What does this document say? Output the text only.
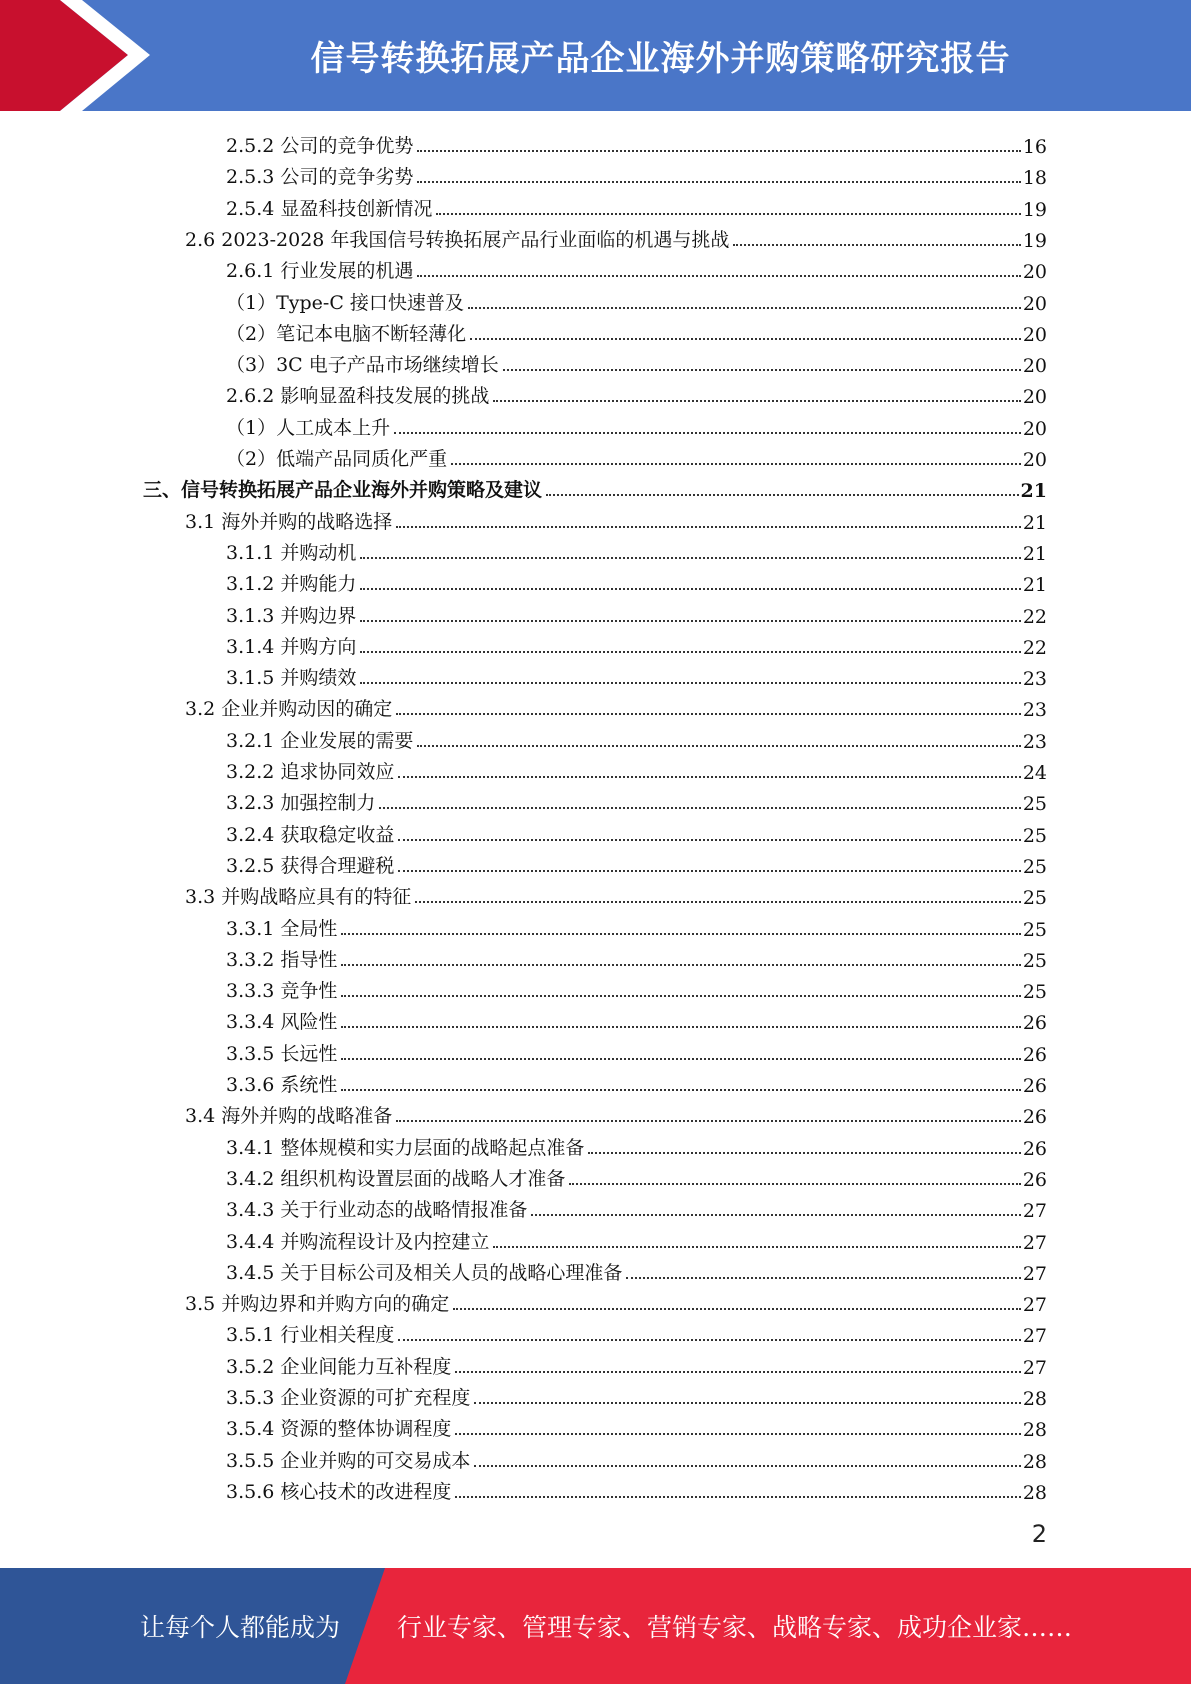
信号转换拓展产品企业海外并购策略研究报告
2.5.2 公司的竞争优势	16
2.5.3 公司的竞争劣势	18
2.5.4 显盈科技创新情况	19
2.6 2023-2028 年我国信号转换拓展产品行业面临的机遇与挑战	19
2.6.1 行业发展的机遇	20
（1）Type-C 接口快速普及	20
（2）笔记本电脑不断轻薄化	20
（3）3C 电子产品市场继续增长	20
2.6.2 影响显盈科技发展的挑战	20
（1）人工成本上升	20
（2）低端产品同质化严重	20
三、信号转换拓展产品企业海外并购策略及建议	21
3.1 海外并购的战略选择	21
3.1.1 并购动机	21
3.1.2 并购能力	21
3.1.3 并购边界	22
3.1.4 并购方向	22
3.1.5 并购绩效	23
3.2 企业并购动因的确定	23
3.2.1 企业发展的需要	23
3.2.2 追求协同效应	24
3.2.3 加强控制力	25
3.2.4 获取稳定收益	25
3.2.5 获得合理避税	25
3.3 并购战略应具有的特征	25
3.3.1 全局性	25
3.3.2 指导性	25
3.3.3 竞争性	25
3.3.4 风险性	26
3.3.5 长远性	26
3.3.6 系统性	26
3.4 海外并购的战略准备	26
3.4.1 整体规模和实力层面的战略起点准备	26
3.4.2 组织机构设置层面的战略人才准备	26
3.4.3 关于行业动态的战略情报准备	27
3.4.4 并购流程设计及内控建立	27
3.4.5 关于目标公司及相关人员的战略心理准备	27
3.5 并购边界和并购方向的确定	27
3.5.1 行业相关程度	27
3.5.2 企业间能力互补程度	27
3.5.3 企业资源的可扩充程度	28
3.5.4 资源的整体协调程度	28
3.5.5 企业并购的可交易成本	28
3.5.6 核心技术的改进程度	28
2
让每个人都能成为 行业专家、管理专家、营销专家、战略专家、成功企业家……
